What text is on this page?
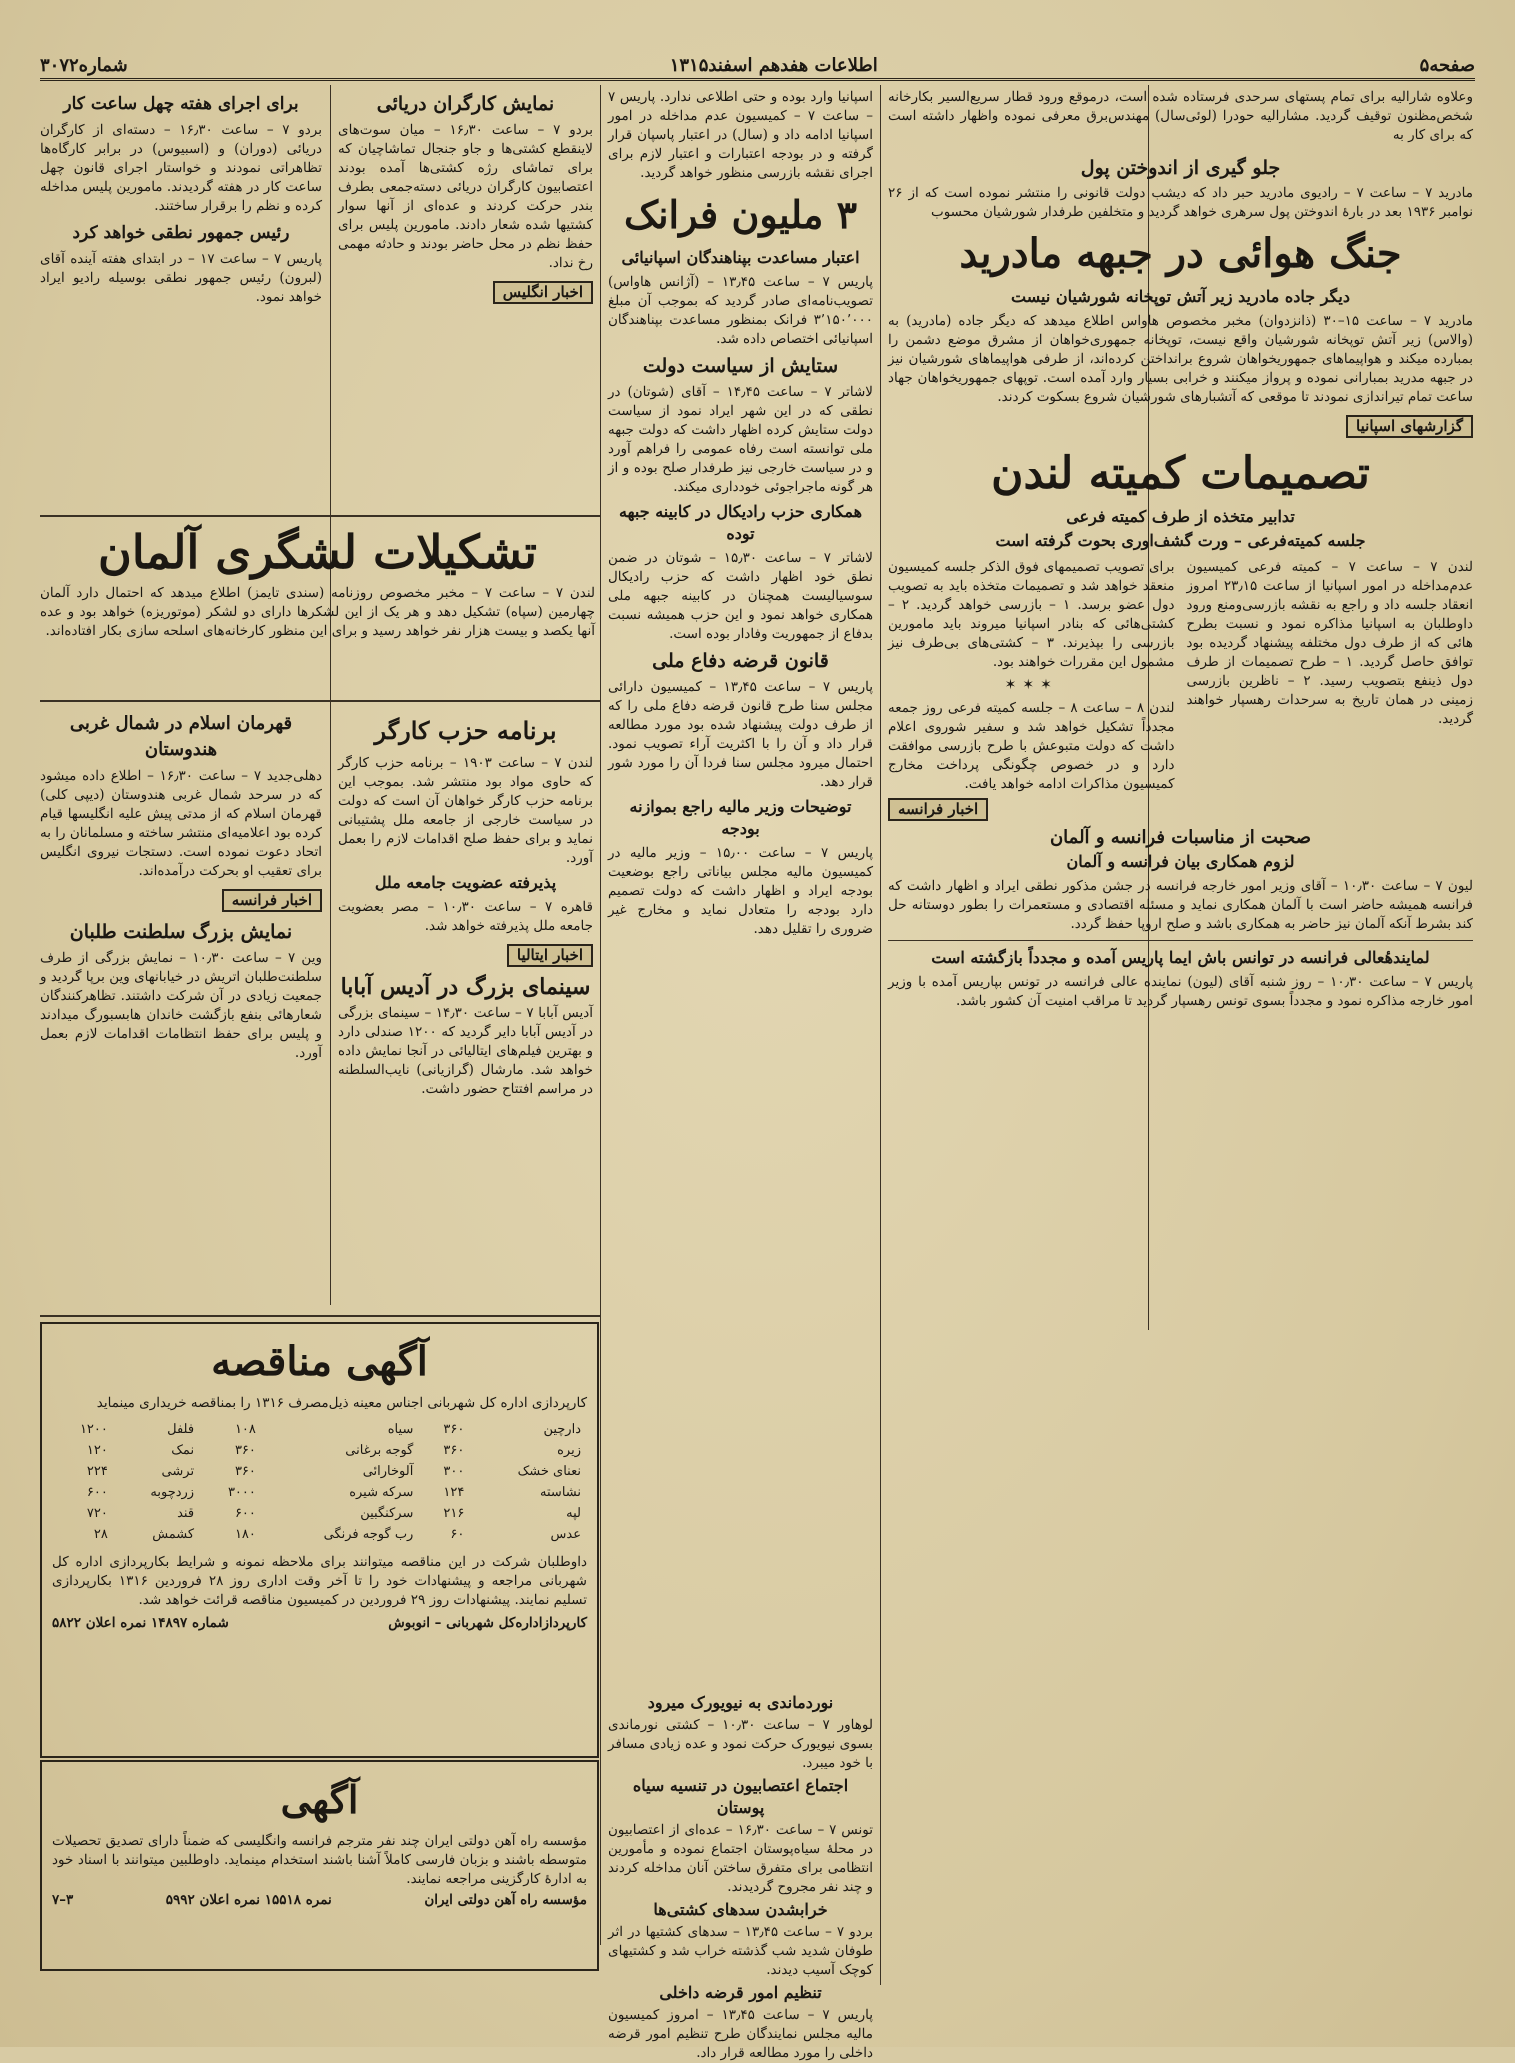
صفحه۵
اطلاعات هفدهم اسفند۱۳۱۵
شماره۳۰۷۲

وعلاوه‌ شارالیه‌ برای تمام پستهای‌ سرحدی فرستاده شده است، درموقع‌ ورود قطار سریع‌السیر بکارخانه شخص‌مظنون توقیف گردید. مشارالیه‌ حودرا (لوئی‌سال) مهندس‌برق معرفی نموده واظهار داشته است که برای کار به

جلو گیری از اندوختن پول

مادرید ۷ – ساعت ۷ – رادیوی مادرید حبر داد که دیشب دولت قانونی را منتشر نموده است که از ۲۶ نوامبر ۱۹۳۶ بعد در بارهٔ اندوختن پول سرهری خواهد گردید و متخلفین طرفدار شورشیان محسوب

جنگ هوائی در جبهه مادرید
دیگر جاده مادرید زیر آتش توپخانه شورشیان نیست

مادرید ۷ – ساعت ۱۵–۳۰ (ذانزدوان) مخبر مخصوص هاواس اطلاع میدهد که دیگر جاده (مادرید) به (والاس) زیر آتش توپخانه شورشیان واقع نیست، توپخانه جمهوری‌خواهان از مشرق موضع دشمن را بمبارده میکند و هواپیماهای جمهوریخواهان شروع برانداختن کرده‌اند، از طرفی هواپیماهای شورشیان نیز در جبهه مدرید بمبارانی نموده و پرواز میکنند و خرابی بسیار وارد آمده است. توپهای جمهوریخواهان جهاد ساعت تمام تیراندازی نمودند تا موقعی که آتشبارهای شورشیان شروع بسکوت کردند.

گزارشهای اسپانیا
تصمیمات کمیته لندن
تدابیر متخذه از طرف کمیته فرعی
جلسه کمیته‌فرعی – ورت گشف‌اوری بحوت گرفته است

لندن ۷ – ساعت ۷ – کمیته فرعی کمیسیون عدم‌مداخله در امور اسپانیا از ساعت ۲۳٫۱۵ امروز انعقاد جلسه داد و راجع به نقشه بازرسی‌ومنع‌ ورود داوطلبان به اسپانیا مذاکره نمود و نسبت بطرح هائی که از طرف دول مختلفه پیشنهاد گردیده بود توافق حاصل گردید. ۱ – طرح تصمیمات از طرف دول ذینفع بتصویب رسید. ۲ – ناظرین بازرسی زمینی در همان تاریخ به سرحدات رهسپار خواهند گردید.

برای تصویب تصمیمهای فوق الذکر جلسه کمیسیون منعقد خواهد شد و تصمیمات متخذه باید به تصویب دول عضو برسد. ۱ – بازرسی خواهد گردید. ۲ – کشتی‌هائی که بنادر اسپانیا میروند باید مامورین بازرسی را بپذیرند. ۳ – کشتی‌های بی‌طرف نیز مشمول این مقررات خواهند بود.

✶✶✶

لندن ۸ – ساعت ۸ – جلسه کمیته فرعی روز جمعه مجدداً تشکیل خواهد شد و سفیر شوروی اعلام داشت که دولت متبوعش با طرح بازرسی موافقت دارد و در خصوص چگونگی پرداخت مخارج کمیسیون مذاکرات ادامه خواهد یافت.

اخبار فرانسه
صحبت از مناسبات فرانسه و آلمان
لزوم همکاری بیان فرانسه و آلمان

لیون ۷ – ساعت ۱۰٫۳۰ – آقای وزیر امور خارجه فرانسه در جشن مذکور نطقی ایراد و اظهار داشت که فرانسه همیشه حاضر است با آلمان همکاری نماید و مسئله اقتصادی و مستعمرات را بطور دوستانه حل کند بشرط آنکه آلمان نیز حاضر به همکاری باشد و صلح اروپا حفظ گردد.

لمایندهٔعالی فرانسه در توانس باش ایما پاریس آمده و مجدداً بازگشته است

پاریس ۷ – ساعت ۱۰٫۳۰ – روز شنبه آقای (لیون) نماینده عالی فرانسه در تونس بپاریس آمده با وزیر امور خارجه مذاکره نمود و مجدداً بسوی تونس رهسپار گردید تا مراقب امنیت آن کشور باشد.

اسپانیا وارد بوده و حتی اطلاعی ندارد. پاریس ۷ – ساعت ۷ – کمیسیون عدم مداخله در امور اسپانیا ادامه داد و (سال) در اعتبار پاسپان قرار گرفته و در بودجه اعتبارات و اعتبار لازم برای اجرای نقشه بازرسی منظور خواهد گردید.

۳ ملیون فرانک
اعتبار مساعدت بپناهندگان اسپانیائی

پاریس ۷ – ساعت ۱۳٫۴۵ – (آژانس هاواس) تصویب‌نامه‌ای صادر گردید که بموجب آن مبلغ ۳٬۱۵۰٬۰۰۰ فرانک بمنظور مساعدت بپناهندگان اسپانیائی اختصاص داده شد.

ستایش از سیاست دولت

لاشاتر ۷ – ساعت ۱۴٫۴۵ – آقای (شوتان) در نطقی که در این شهر ایراد نمود از سیاست دولت ستایش کرده اظهار داشت که دولت جبهه ملی توانسته است رفاه عمومی را فراهم آورد و در سیاست خارجی نیز طرفدار صلح بوده و از هر گونه ماجراجوئی خودداری میکند.

همکاری حزب رادیکال در کابینه جبهه توده

لاشاتر ۷ – ساعت ۱۵٫۳۰ – شوتان در ضمن نطق خود اظهار داشت که حزب رادیکال سوسیالیست همچنان در کابینه جبهه ملی همکاری خواهد نمود و این حزب همیشه نسبت بدفاع از جمهوریت وفادار بوده است.

قانون قرضه دفاع ملی

پاریس ۷ – ساعت ۱۳٫۴۵ – کمیسیون دارائی مجلس سنا طرح قانون قرضه دفاع ملی را که از طرف دولت پیشنهاد شده بود مورد مطالعه قرار داد و آن را با اکثریت آراء تصویب نمود. احتمال میرود مجلس سنا فردا آن را مورد شور قرار دهد.

توضیحات وزیر مالیه راجع بموازنه بودجه

پاریس ۷ – ساعت ۱۵٫۰۰ – وزیر مالیه در کمیسیون مالیه مجلس بیاناتی راجع بوضعیت بودجه ایراد و اظهار داشت که دولت تصمیم دارد بودجه را متعادل نماید و مخارج غیر ضروری را تقلیل دهد.

نمایش کارگران دریائی

بردو ۷ – ساعت ۱۶٫۳۰ – میان سوت‌های لاینقطع کشتی‌ها و جاو جنجال تماشاچیان که برای تماشای رژه کشتی‌ها آمده بودند اعتصابیون کارگران دریائی دسته‌جمعی بطرف بندر حرکت کردند و عده‌ای از آنها سوار کشتیها شده شعار دادند. مامورین پلیس برای حفظ نظم در محل حاضر بودند و حادثه مهمی رخ نداد.

اخبار انگلیس
برای اجرای هفته چهل ساعت کار

بردو ۷ – ساعت ۱۶٫۳۰ – دسته‌ای از کارگران دریائی (دوران) و (اسبیوس) در برابر کارگاه‌ها تظاهراتی نمودند و خواستار اجرای قانون چهل ساعت کار در هفته گردیدند. مامورین پلیس مداخله کرده و نظم را برقرار ساختند.

رئیس جمهور نطقی خواهد کرد

پاریس ۷ – ساعت ۱۷ – در ابتدای هفته آینده آقای (لبرون) رئیس جمهور نطقی بوسیله رادیو ایراد خواهد نمود.

تشکیلات لشگری آلمان

لندن ۷ – ساعت ۷ – مخبر مخصوص روزنامه (سندی تایمز) اطلاع میدهد که احتمال دارد آلمان چهارمین (سپاه) تشکیل دهد و هر یک از این لشکرها دارای دو لشکر (موتوریزه) خواهد بود و عده آنها یکصد و بیست هزار نفر خواهد رسید و برای این منظور کارخانه‌های اسلحه سازی بکار افتاده‌اند.

برنامه حزب کارگر

لندن ۷ – ساعت ۱۹۰۳ – برنامه حزب کارگر که حاوی مواد بود منتشر شد. بموجب این برنامه حزب کارگر خواهان آن است که دولت در سیاست خارجی از جامعه ملل پشتیبانی نماید و برای حفظ صلح اقدامات لازم را بعمل آورد.

پذیرفته‌ عضویت جامعه ملل

قاهره ۷ – ساعت ۱۰٫۳۰ – مصر بعضویت جامعه ملل پذیرفته خواهد شد.

اخبار ایتالیا
سینمای بزرگ در آدیس آبابا

آدیس آبابا ۷ – ساعت ۱۴٫۳۰ – سینمای بزرگی در آدیس آبابا دایر گردید که ۱۲۰۰ صندلی دارد و بهترین فیلم‌های ایتالیائی در آنجا نمایش داده خواهد شد. مارشال (گرازیانی) نایب‌السلطنه در مراسم افتتاح حضور داشت.

قهرمان اسلام در شمال غربی هندوستان

دهلی‌جدید ۷ – ساعت ۱۶٫۳۰ – اطلاع داده میشود که در سرحد شمال غربی هندوستان (دیپی کلی) قهرمان اسلام که از مدتی پیش علیه انگلیسها قیام کرده بود اعلامیه‌ای منتشر ساخته و مسلمانان را به اتحاد دعوت نموده است. دستجات نیروی انگلیس برای تعقیب او بحرکت درآمده‌اند.

اخبار فرانسه
نمایش بزرگ سلطنت طلبان

وین ۷ – ساعت ۱۰٫۳۰ – نمایش بزرگی از طرف سلطنت‌طلبان اتریش در خیابانهای وین برپا گردید و جمعیت زیادی در آن شرکت داشتند. تظاهرکنندگان شعارهائی بنفع بازگشت خاندان هابسبورگ میدادند و پلیس برای حفظ انتظامات اقدامات لازم بعمل آورد.

آگهی مناقصه

کارپردازی اداره کل شهربانی اجناس معینه ذیل‌مصرف ۱۳۱۶ را بمناقصه خریداری مینماید

دارچین	۳۶۰	سیاه	۱۰۸	فلفل	۱۲۰۰
زیره	۳۶۰	گوجه برغانی	۳۶۰	نمک	۱۲۰
نعنای خشک	۳۰۰	آلوخارائی	۳۶۰	ترشی	۲۲۴
نشاسته	۱۲۴	سرکه شیره	۳۰۰۰	زردچوبه	۶۰۰
لپه	۲۱۶	سرکنگبین	۶۰۰	قند	۷۲۰
عدس	۶۰	رب گوجه فرنگی	۱۸۰	کشمش	۲۸

داوطلبان شرکت در این مناقصه میتوانند برای ملاحظه نمونه و شرایط بکارپردازی اداره کل شهربانی مراجعه و پیشنهادات خود را تا آخر وقت اداری روز ۲۸ فروردین ۱۳۱۶ بکارپردازی تسلیم نمایند. پیشنهادات روز ۲۹ فروردین در کمیسیون مناقصه قرائت خواهد شد.

کارپردازاداره‌کل شهربانی – انوبوش
شماره ۱۴۸۹۷ نمره اعلان ۵۸۲۲
آگهی

مؤسسه راه آهن دولتی ایران چند نفر مترجم فرانسه وانگلیسی که ضمناً دارای تصدیق تحصیلات متوسطه باشند و بزبان فارسی کاملاً آشنا باشند استخدام مینماید. داوطلبین میتوانند با اسناد خود به ادارهٔ کارگزینی مراجعه نمایند.

مؤسسه راه آهن دولتی ایران
نمره ۱۵۵۱۸ نمره اعلان ۵۹۹۲
۳–۷
نوردماندی به نیویورک میرود

لوهاور ۷ – ساعت ۱۰٫۳۰ – کشتی نورماندی بسوی نیویورک حرکت نمود و عده زیادی مسافر با خود میبرد.

اجتماع اعتصابیون در تنسیه سیاه پوستان

تونس ۷ – ساعت ۱۶٫۳۰ – عده‌ای از اعتصابیون در محلهٔ سیاه‌پوستان اجتماع نموده و مأمورین انتظامی برای متفرق ساختن آنان مداخله کردند و چند نفر مجروح گردیدند.

خرابشدن سدهای کشتی‌ها

بردو ۷ – ساعت ۱۳٫۴۵ – سدهای کشتیها در اثر طوفان شدید شب گذشته خراب شد و کشتیهای کوچک آسیب دیدند.

تنظیم امور قرضه داخلی

پاریس ۷ – ساعت ۱۳٫۴۵ – امروز کمیسیون مالیه مجلس نمایندگان طرح تنظیم امور قرضه داخلی را مورد مطالعه قرار داد.
